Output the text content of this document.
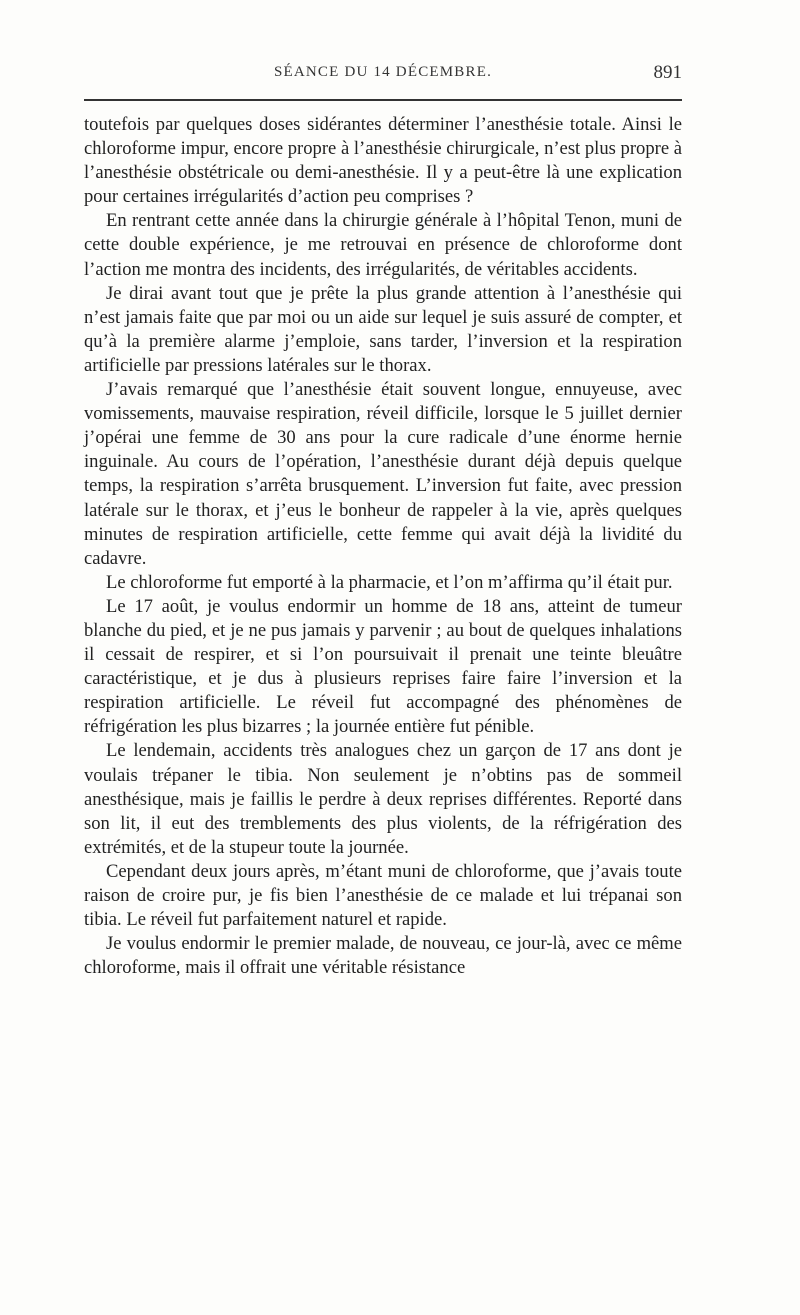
SÉANCE DU 14 DÉCEMBRE.	891

toutefois par quelques doses sidérantes déterminer l’anesthésie totale. Ainsi le chloroforme impur, encore propre à l’anesthésie chirurgicale, n’est plus propre à l’anesthésie obstétricale ou demi-anesthésie. Il y a peut-être là une explication pour certaines irrégularités d’action peu comprises ?

En rentrant cette année dans la chirurgie générale à l’hôpital Tenon, muni de cette double expérience, je me retrouvai en présence de chloroforme dont l’action me montra des incidents, des irrégularités, de véritables accidents.

Je dirai avant tout que je prête la plus grande attention à l’anesthésie qui n’est jamais faite que par moi ou un aide sur lequel je suis assuré de compter, et qu’à la première alarme j’emploie, sans tarder, l’inversion et la respiration artificielle par pressions latérales sur le thorax.

J’avais remarqué que l’anesthésie était souvent longue, ennuyeuse, avec vomissements, mauvaise respiration, réveil difficile, lorsque le 5 juillet dernier j’opérai une femme de 30 ans pour la cure radicale d’une énorme hernie inguinale. Au cours de l’opération, l’anesthésie durant déjà depuis quelque temps, la respiration s’arrêta brusquement. L’inversion fut faite, avec pression latérale sur le thorax, et j’eus le bonheur de rappeler à la vie, après quelques minutes de respiration artificielle, cette femme qui avait déjà la lividité du cadavre.

Le chloroforme fut emporté à la pharmacie, et l’on m’affirma qu’il était pur.

Le 17 août, je voulus endormir un homme de 18 ans, atteint de tumeur blanche du pied, et je ne pus jamais y parvenir ; au bout de quelques inhalations il cessait de respirer, et si l’on poursuivait il prenait une teinte bleuâtre caractéristique, et je dus à plusieurs reprises faire faire l’inversion et la respiration artificielle. Le réveil fut accompagné des phénomènes de réfrigération les plus bizarres ; la journée entière fut pénible.

Le lendemain, accidents très analogues chez un garçon de 17 ans dont je voulais trépaner le tibia. Non seulement je n’obtins pas de sommeil anesthésique, mais je faillis le perdre à deux reprises différentes. Reporté dans son lit, il eut des tremblements des plus violents, de la réfrigération des extrémités, et de la stupeur toute la journée.

Cependant deux jours après, m’étant muni de chloroforme, que j’avais toute raison de croire pur, je fis bien l’anesthésie de ce malade et lui trépanai son tibia. Le réveil fut parfaitement naturel et rapide.

Je voulus endormir le premier malade, de nouveau, ce jour-là, avec ce même chloroforme, mais il offrait une véritable résistance
